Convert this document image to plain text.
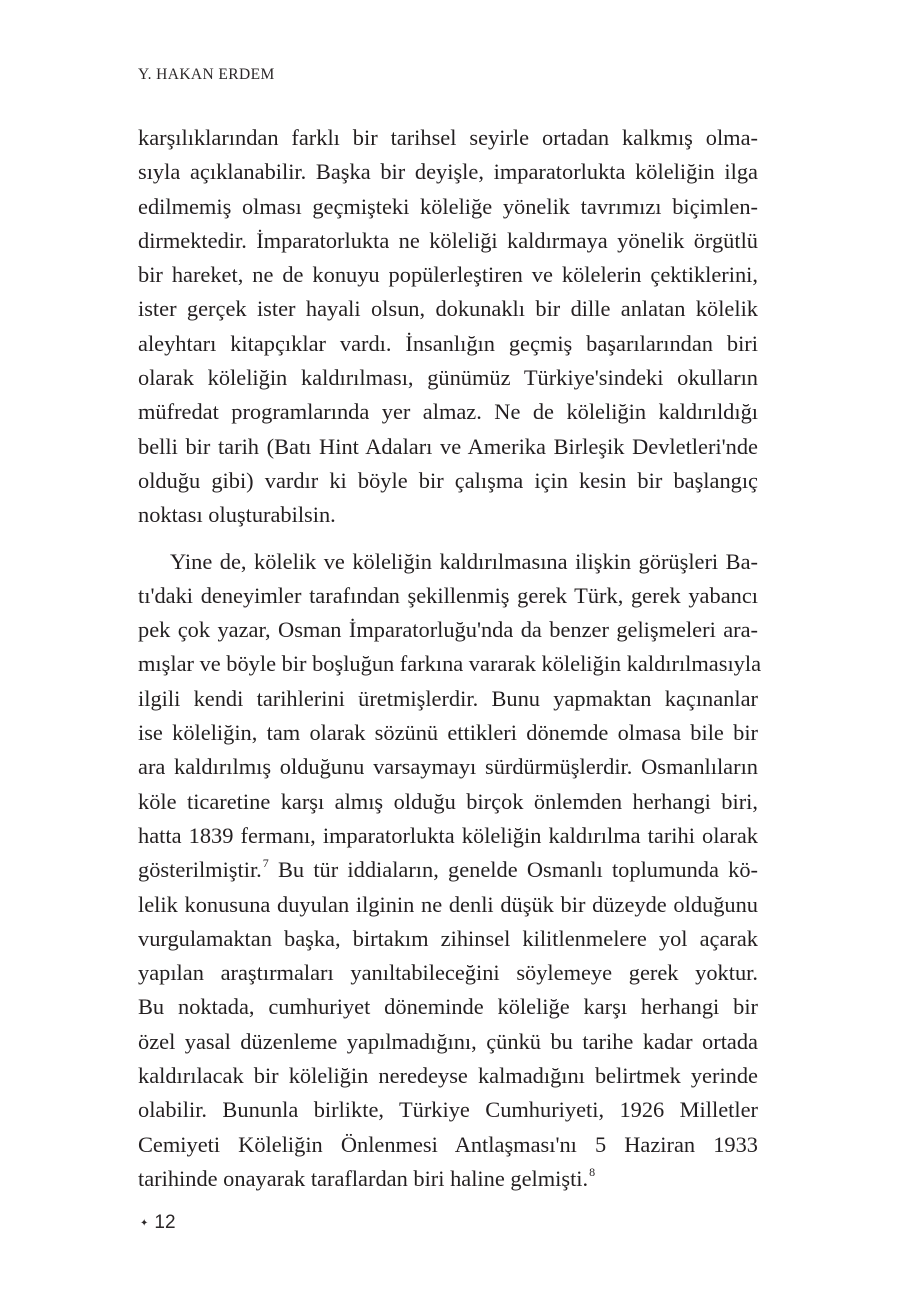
Y. HAKAN ERDEM
karşılıklarından farklı bir tarihsel seyirle ortadan kalkmış olma-
sıyla açıklanabilir. Başka bir deyişle, imparatorlukta köleliğin ilga
edilmemiş olması geçmişteki köleliğe yönelik tavrımızı biçimlen-
dirmektedir. İmparatorlukta ne köleliği kaldırmaya yönelik örgütlü
bir hareket, ne de konuyu popülerleştiren ve kölelerin çektiklerini,
ister gerçek ister hayali olsun, dokunaklı bir dille anlatan kölelik
aleyhtarı kitapçıklar vardı. İnsanlığın geçmiş başarılarından biri
olarak köleliğin kaldırılması, günümüz Türkiye'sindeki okulların
müfredat programlarında yer almaz. Ne de köleliğin kaldırıldığı
belli bir tarih (Batı Hint Adaları ve Amerika Birleşik Devletleri'nde
olduğu gibi) vardır ki böyle bir çalışma için kesin bir başlangıç
noktası oluşturabilsin.
Yine de, kölelik ve köleliğin kaldırılmasına ilişkin görüşleri Ba-
tı'daki deneyimler tarafından şekillenmiş gerek Türk, gerek yabancı
pek çok yazar, Osman İmparatorluğu'nda da benzer gelişmeleri ara-
mışlar ve böyle bir boşluğun farkına vararak köleliğin kaldırılmasıyla
ilgili kendi tarihlerini üretmişlerdir. Bunu yapmaktan kaçınanlar
ise köleliğin, tam olarak sözünü ettikleri dönemde olmasa bile bir
ara kaldırılmış olduğunu varsaymayı sürdürmüşlerdir. Osmanlıların
köle ticaretine karşı almış olduğu birçok önlemden herhangi biri,
hatta 1839 fermanı, imparatorlukta köleliğin kaldırılma tarihi olarak
gösterilmiştir.$^7$ Bu tür iddiaların, genelde Osmanlı toplumunda kö-
lelik konusuna duyulan ilginin ne denli düşük bir düzeyde olduğunu
vurgulamaktan başka, birtakım zihinsel kilitlenmelere yol açarak
yapılan araştırmaları yanıltabileceğini söylemeye gerek yoktur.
Bu noktada, cumhuriyet döneminde köleliğe karşı herhangi bir
özel yasal düzenleme yapılmadığını, çünkü bu tarihe kadar ortada
kaldırılacak bir köleliğin neredeyse kalmadığını belirtmek yerinde
olabilir. Bununla birlikte, Türkiye Cumhuriyeti, 1926 Milletler
Cemiyeti Köleliğin Önlenmesi Antlaşması'nı 5 Haziran 1933
tarihinde onayarak taraflardan biri haline gelmişti.$^8$
✦ 12
